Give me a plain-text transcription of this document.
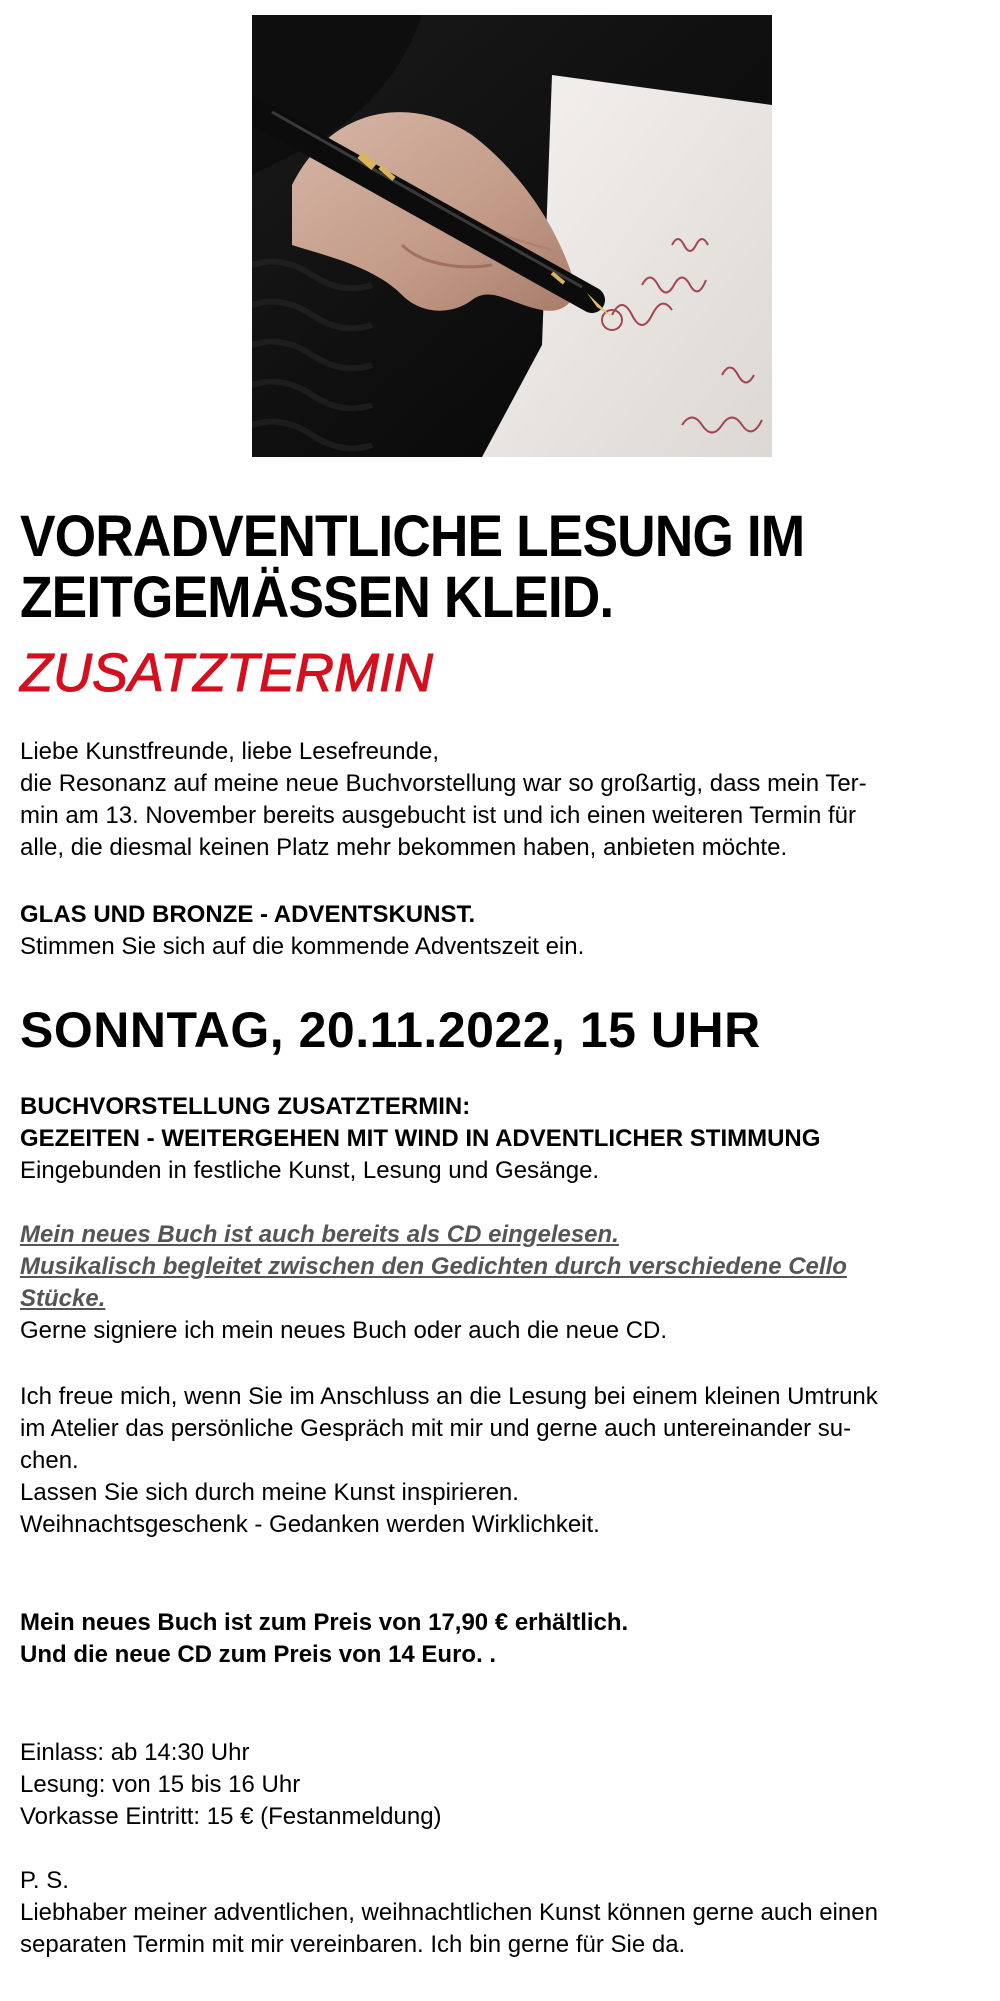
VORADVENTLICHE LESUNG IM
ZEITGEMÄSSEN KLEID.
ZUSATZTERMIN

Liebe Kunstfreunde, liebe Lesefreunde,
die Resonanz auf meine neue Buchvorstellung war so großartig, dass mein Ter-
min am 13. November bereits ausgebucht ist und ich einen weiteren Termin für
alle, die diesmal keinen Platz mehr bekommen haben, anbieten möchte.

GLAS UND BRONZE - ADVENTSKUNST.
Stimmen Sie sich auf die kommende Adventszeit ein.

SONNTAG, 20.11.2022, 15 UHR

BUCHVORSTELLUNG ZUSATZTERMIN:
GEZEITEN - WEITERGEHEN MIT WIND IN ADVENTLICHER STIMMUNG
Eingebunden in festliche Kunst, Lesung und Gesänge.

Mein neues Buch ist auch bereits als CD eingelesen.
Musikalisch begleitet zwischen den Gedichten durch verschiedene Cello
Stücke.
Gerne signiere ich mein neues Buch oder auch die neue CD.

Ich freue mich, wenn Sie im Anschluss an die Lesung bei einem kleinen Umtrunk
im Atelier das persönliche Gespräch mit mir und gerne auch untereinander su-
chen.

Lassen Sie sich durch meine Kunst inspirieren.
Weihnachtsgeschenk - Gedanken werden Wirklichkeit.

Mein neues Buch ist zum Preis von 17,90 € erhältlich.
Und die neue CD zum Preis von 14 Euro. .

Einlass: ab 14:30 Uhr
Lesung: von 15 bis 16 Uhr
Vorkasse Eintritt: 15 € (Festanmeldung)

P. S.
Liebhaber meiner adventlichen, weihnachtlichen Kunst können gerne auch einen
separaten Termin mit mir vereinbaren. Ich bin gerne für Sie da.
